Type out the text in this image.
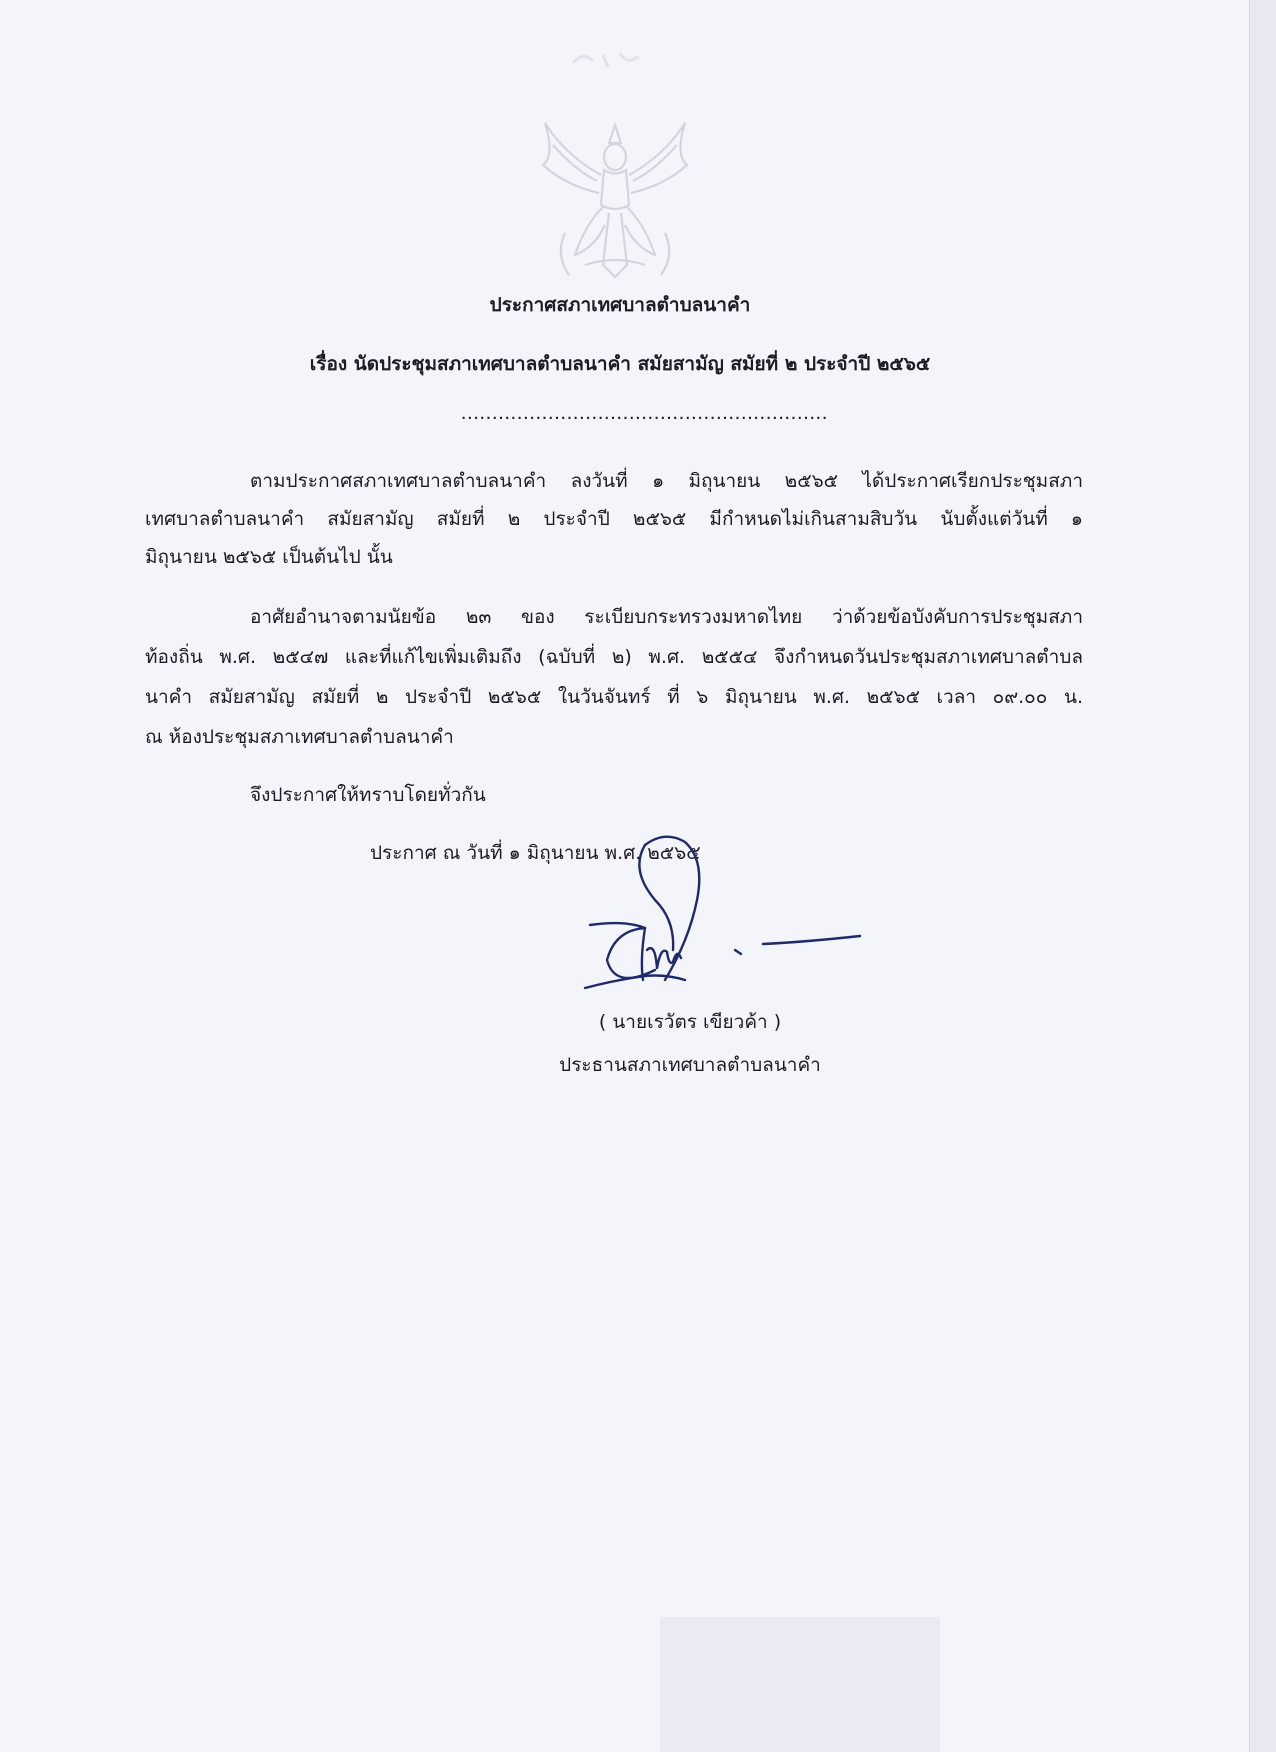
ประกาศสภาเทศบาลตำบลนาคำ
เรื่อง นัดประชุมสภาเทศบาลตำบลนาคำ สมัยสามัญ สมัยที่ ๒ ประจำปี ๒๕๖๕
...........................................................
ตามประกาศสภาเทศบาลตำบลนาคำ ลงวันที่ ๑ มิถุนายน ๒๕๖๕ ได้ประกาศเรียกประชุมสภา
เทศบาลตำบลนาคำ สมัยสามัญ สมัยที่ ๒ ประจำปี ๒๕๖๕ มีกำหนดไม่เกินสามสิบวัน นับตั้งแต่วันที่ ๑
มิถุนายน ๒๕๖๕ เป็นต้นไป นั้น
อาศัยอำนาจตามนัยข้อ ๒๓ ของ ระเบียบกระทรวงมหาดไทย ว่าด้วยข้อบังคับการประชุมสภา
ท้องถิ่น พ.ศ. ๒๕๔๗ และที่แก้ไขเพิ่มเติมถึง (ฉบับที่ ๒) พ.ศ. ๒๕๕๔ จึงกำหนดวันประชุมสภาเทศบาลตำบล
นาคำ สมัยสามัญ สมัยที่ ๒ ประจำปี ๒๕๖๕ ในวันจันทร์ ที่ ๖ มิถุนายน พ.ศ. ๒๕๖๕ เวลา ๐๙.๐๐ น.
ณ ห้องประชุมสภาเทศบาลตำบลนาคำ
จึงประกาศให้ทราบโดยทั่วกัน
ประกาศ ณ วันที่ ๑ มิถุนายน พ.ศ. ๒๕๖๕
( นายเรวัตร เขียวค้า )
ประธานสภาเทศบาลตำบลนาคำ
